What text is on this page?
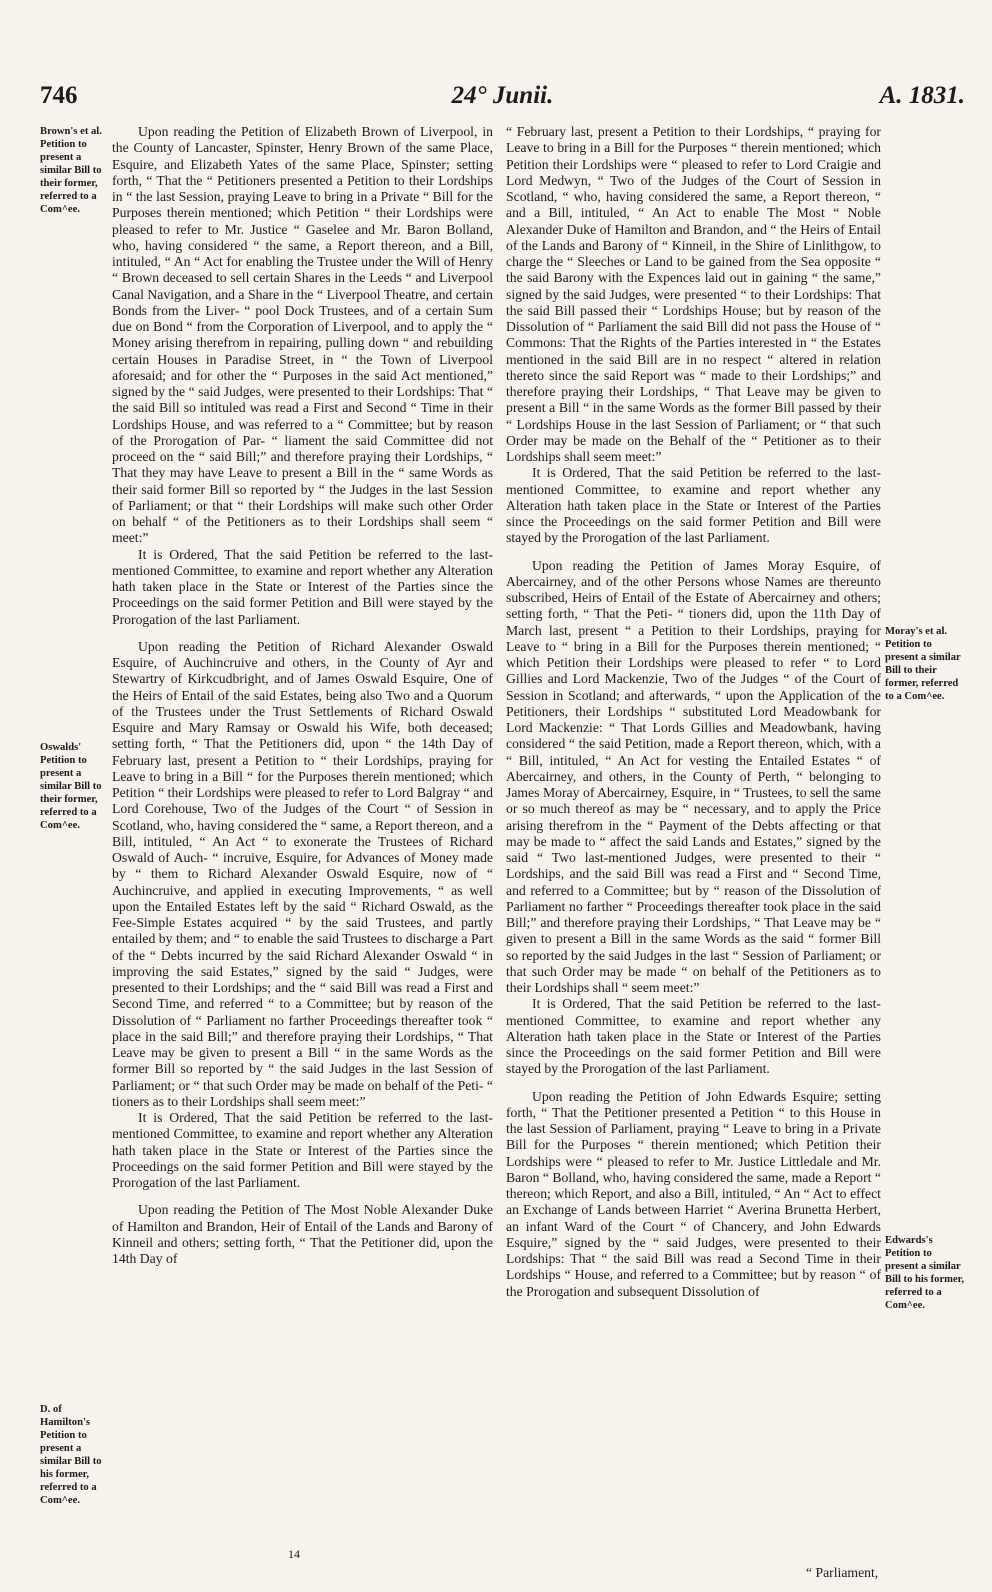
746	24° Junii.	A. 1831.
Brown's et al. Petition to present a similar Bill to their former, referred to a Com^ee.
Oswalds' Petition to present a similar Bill to their former, referred to a Com^ee.
D. of Hamilton's Petition to present a similar Bill to his former, referred to a Com^ee.
Moray's et al. Petition to present a similar Bill to their former, referred to a Com^ee.
Edwards's Petition to present a similar Bill to his former, referred to a Com^ee.

Upon reading the Petition of Elizabeth Brown of Liverpool, in the County of Lancaster, Spinster, Henry Brown of the same Place, Esquire, and Elizabeth Yates of the same Place, Spinster; setting forth, “ That the “ Petitioners presented a Petition to their Lordships in “ the last Session, praying Leave to bring in a Private “ Bill for the Purposes therein mentioned; which Petition “ their Lordships were pleased to refer to Mr. Justice “ Gaselee and Mr. Baron Bolland, who, having considered “ the same, a Report thereon, and a Bill, intituled, “ An “ Act for enabling the Trustee under the Will of Henry “ Brown deceased to sell certain Shares in the Leeds “ and Liverpool Canal Navigation, and a Share in the “ Liverpool Theatre, and certain Bonds from the Liver- “ pool Dock Trustees, and of a certain Sum due on Bond “ from the Corporation of Liverpool, and to apply the “ Money arising therefrom in repairing, pulling down “ and rebuilding certain Houses in Paradise Street, in “ the Town of Liverpool aforesaid; and for other the “ Purposes in the said Act mentioned,” signed by the “ said Judges, were presented to their Lordships: That “ the said Bill so intituled was read a First and Second “ Time in their Lordships House, and was referred to a “ Committee; but by reason of the Prorogation of Par- “ liament the said Committee did not proceed on the “ said Bill;” and therefore praying their Lordships, “ That they may have Leave to present a Bill in the “ same Words as their said former Bill so reported by “ the Judges in the last Session of Parliament; or that “ their Lordships will make such other Order on behalf “ of the Petitioners as to their Lordships shall seem “ meet:”

It is Ordered, That the said Petition be referred to the last-mentioned Committee, to examine and report whether any Alteration hath taken place in the State or Interest of the Parties since the Proceedings on the said former Petition and Bill were stayed by the Prorogation of the last Parliament.

Upon reading the Petition of Richard Alexander Oswald Esquire, of Auchincruive and others, in the County of Ayr and Stewartry of Kirkcudbright, and of James Oswald Esquire, One of the Heirs of Entail of the said Estates, being also Two and a Quorum of the Trustees under the Trust Settlements of Richard Oswald Esquire and Mary Ramsay or Oswald his Wife, both deceased; setting forth, “ That the Petitioners did, upon “ the 14th Day of February last, present a Petition to “ their Lordships, praying for Leave to bring in a Bill “ for the Purposes therein mentioned; which Petition “ their Lordships were pleased to refer to Lord Balgray “ and Lord Corehouse, Two of the Judges of the Court “ of Session in Scotland, who, having considered the “ same, a Report thereon, and a Bill, intituled, “ An Act “ to exonerate the Trustees of Richard Oswald of Auch- “ incruive, Esquire, for Advances of Money made by “ them to Richard Alexander Oswald Esquire, now of “ Auchincruive, and applied in executing Improvements, “ as well upon the Entailed Estates left by the said “ Richard Oswald, as the Fee-Simple Estates acquired “ by the said Trustees, and partly entailed by them; and “ to enable the said Trustees to discharge a Part of the “ Debts incurred by the said Richard Alexander Oswald “ in improving the said Estates,” signed by the said “ Judges, were presented to their Lordships; and the “ said Bill was read a First and Second Time, and referred “ to a Committee; but by reason of the Dissolution of “ Parliament no farther Proceedings thereafter took “ place in the said Bill;” and therefore praying their Lordships, “ That Leave may be given to present a Bill “ in the same Words as the former Bill so reported by “ the said Judges in the last Session of Parliament; or “ that such Order may be made on behalf of the Peti- “ tioners as to their Lordships shall seem meet:”

It is Ordered, That the said Petition be referred to the last-mentioned Committee, to examine and report whether any Alteration hath taken place in the State or Interest of the Parties since the Proceedings on the said former Petition and Bill were stayed by the Prorogation of the last Parliament.

Upon reading the Petition of The Most Noble Alexander Duke of Hamilton and Brandon, Heir of Entail of the Lands and Barony of Kinneil and others; setting forth, “ That the Petitioner did, upon the 14th Day of

“ February last, present a Petition to their Lordships, “ praying for Leave to bring in a Bill for the Purposes “ therein mentioned; which Petition their Lordships were “ pleased to refer to Lord Craigie and Lord Medwyn, “ Two of the Judges of the Court of Session in Scotland, “ who, having considered the same, a Report thereon, “ and a Bill, intituled, “ An Act to enable The Most “ Noble Alexander Duke of Hamilton and Brandon, and “ the Heirs of Entail of the Lands and Barony of “ Kinneil, in the Shire of Linlithgow, to charge the “ Sleeches or Land to be gained from the Sea opposite “ the said Barony with the Expences laid out in gaining “ the same,” signed by the said Judges, were presented “ to their Lordships: That the said Bill passed their “ Lordships House; but by reason of the Dissolution of “ Parliament the said Bill did not pass the House of “ Commons: That the Rights of the Parties interested in “ the Estates mentioned in the said Bill are in no respect “ altered in relation thereto since the said Report was “ made to their Lordships;” and therefore praying their Lordships, “ That Leave may be given to present a Bill “ in the same Words as the former Bill passed by their “ Lordships House in the last Session of Parliament; or “ that such Order may be made on the Behalf of the “ Petitioner as to their Lordships shall seem meet:”

It is Ordered, That the said Petition be referred to the last-mentioned Committee, to examine and report whether any Alteration hath taken place in the State or Interest of the Parties since the Proceedings on the said former Petition and Bill were stayed by the Prorogation of the last Parliament.

Upon reading the Petition of James Moray Esquire, of Abercairney, and of the other Persons whose Names are thereunto subscribed, Heirs of Entail of the Estate of Abercairney and others; setting forth, “ That the Peti- “ tioners did, upon the 11th Day of March last, present “ a Petition to their Lordships, praying for Leave to “ bring in a Bill for the Purposes therein mentioned; “ which Petition their Lordships were pleased to refer “ to Lord Gillies and Lord Mackenzie, Two of the Judges “ of the Court of Session in Scotland; and afterwards, “ upon the Application of the Petitioners, their Lordships “ substituted Lord Meadowbank for Lord Mackenzie: “ That Lords Gillies and Meadowbank, having considered “ the said Petition, made a Report thereon, which, with a “ Bill, intituled, “ An Act for vesting the Entailed Estates “ of Abercairney, and others, in the County of Perth, “ belonging to James Moray of Abercairney, Esquire, in “ Trustees, to sell the same or so much thereof as may be “ necessary, and to apply the Price arising therefrom in the “ Payment of the Debts affecting or that may be made to “ affect the said Lands and Estates,” signed by the said “ Two last-mentioned Judges, were presented to their “ Lordships, and the said Bill was read a First and “ Second Time, and referred to a Committee; but by “ reason of the Dissolution of Parliament no farther “ Proceedings thereafter took place in the said Bill;” and therefore praying their Lordships, “ That Leave may be “ given to present a Bill in the same Words as the said “ former Bill so reported by the said Judges in the last “ Session of Parliament; or that such Order may be made “ on behalf of the Petitioners as to their Lordships shall “ seem meet:”

It is Ordered, That the said Petition be referred to the last-mentioned Committee, to examine and report whether any Alteration hath taken place in the State or Interest of the Parties since the Proceedings on the said former Petition and Bill were stayed by the Prorogation of the last Parliament.

Upon reading the Petition of John Edwards Esquire; setting forth, “ That the Petitioner presented a Petition “ to this House in the last Session of Parliament, praying “ Leave to bring in a Private Bill for the Purposes “ therein mentioned; which Petition their Lordships were “ pleased to refer to Mr. Justice Littledale and Mr. Baron “ Bolland, who, having considered the same, made a Report “ thereon; which Report, and also a Bill, intituled, “ An “ Act to effect an Exchange of Lands between Harriet “ Averina Brunetta Herbert, an infant Ward of the Court “ of Chancery, and John Edwards Esquire,” signed by the “ said Judges, were presented to their Lordships: That “ the said Bill was read a Second Time in their Lordships “ House, and referred to a Committee; but by reason “ of the Prorogation and subsequent Dissolution of

14
“ Parliament,
